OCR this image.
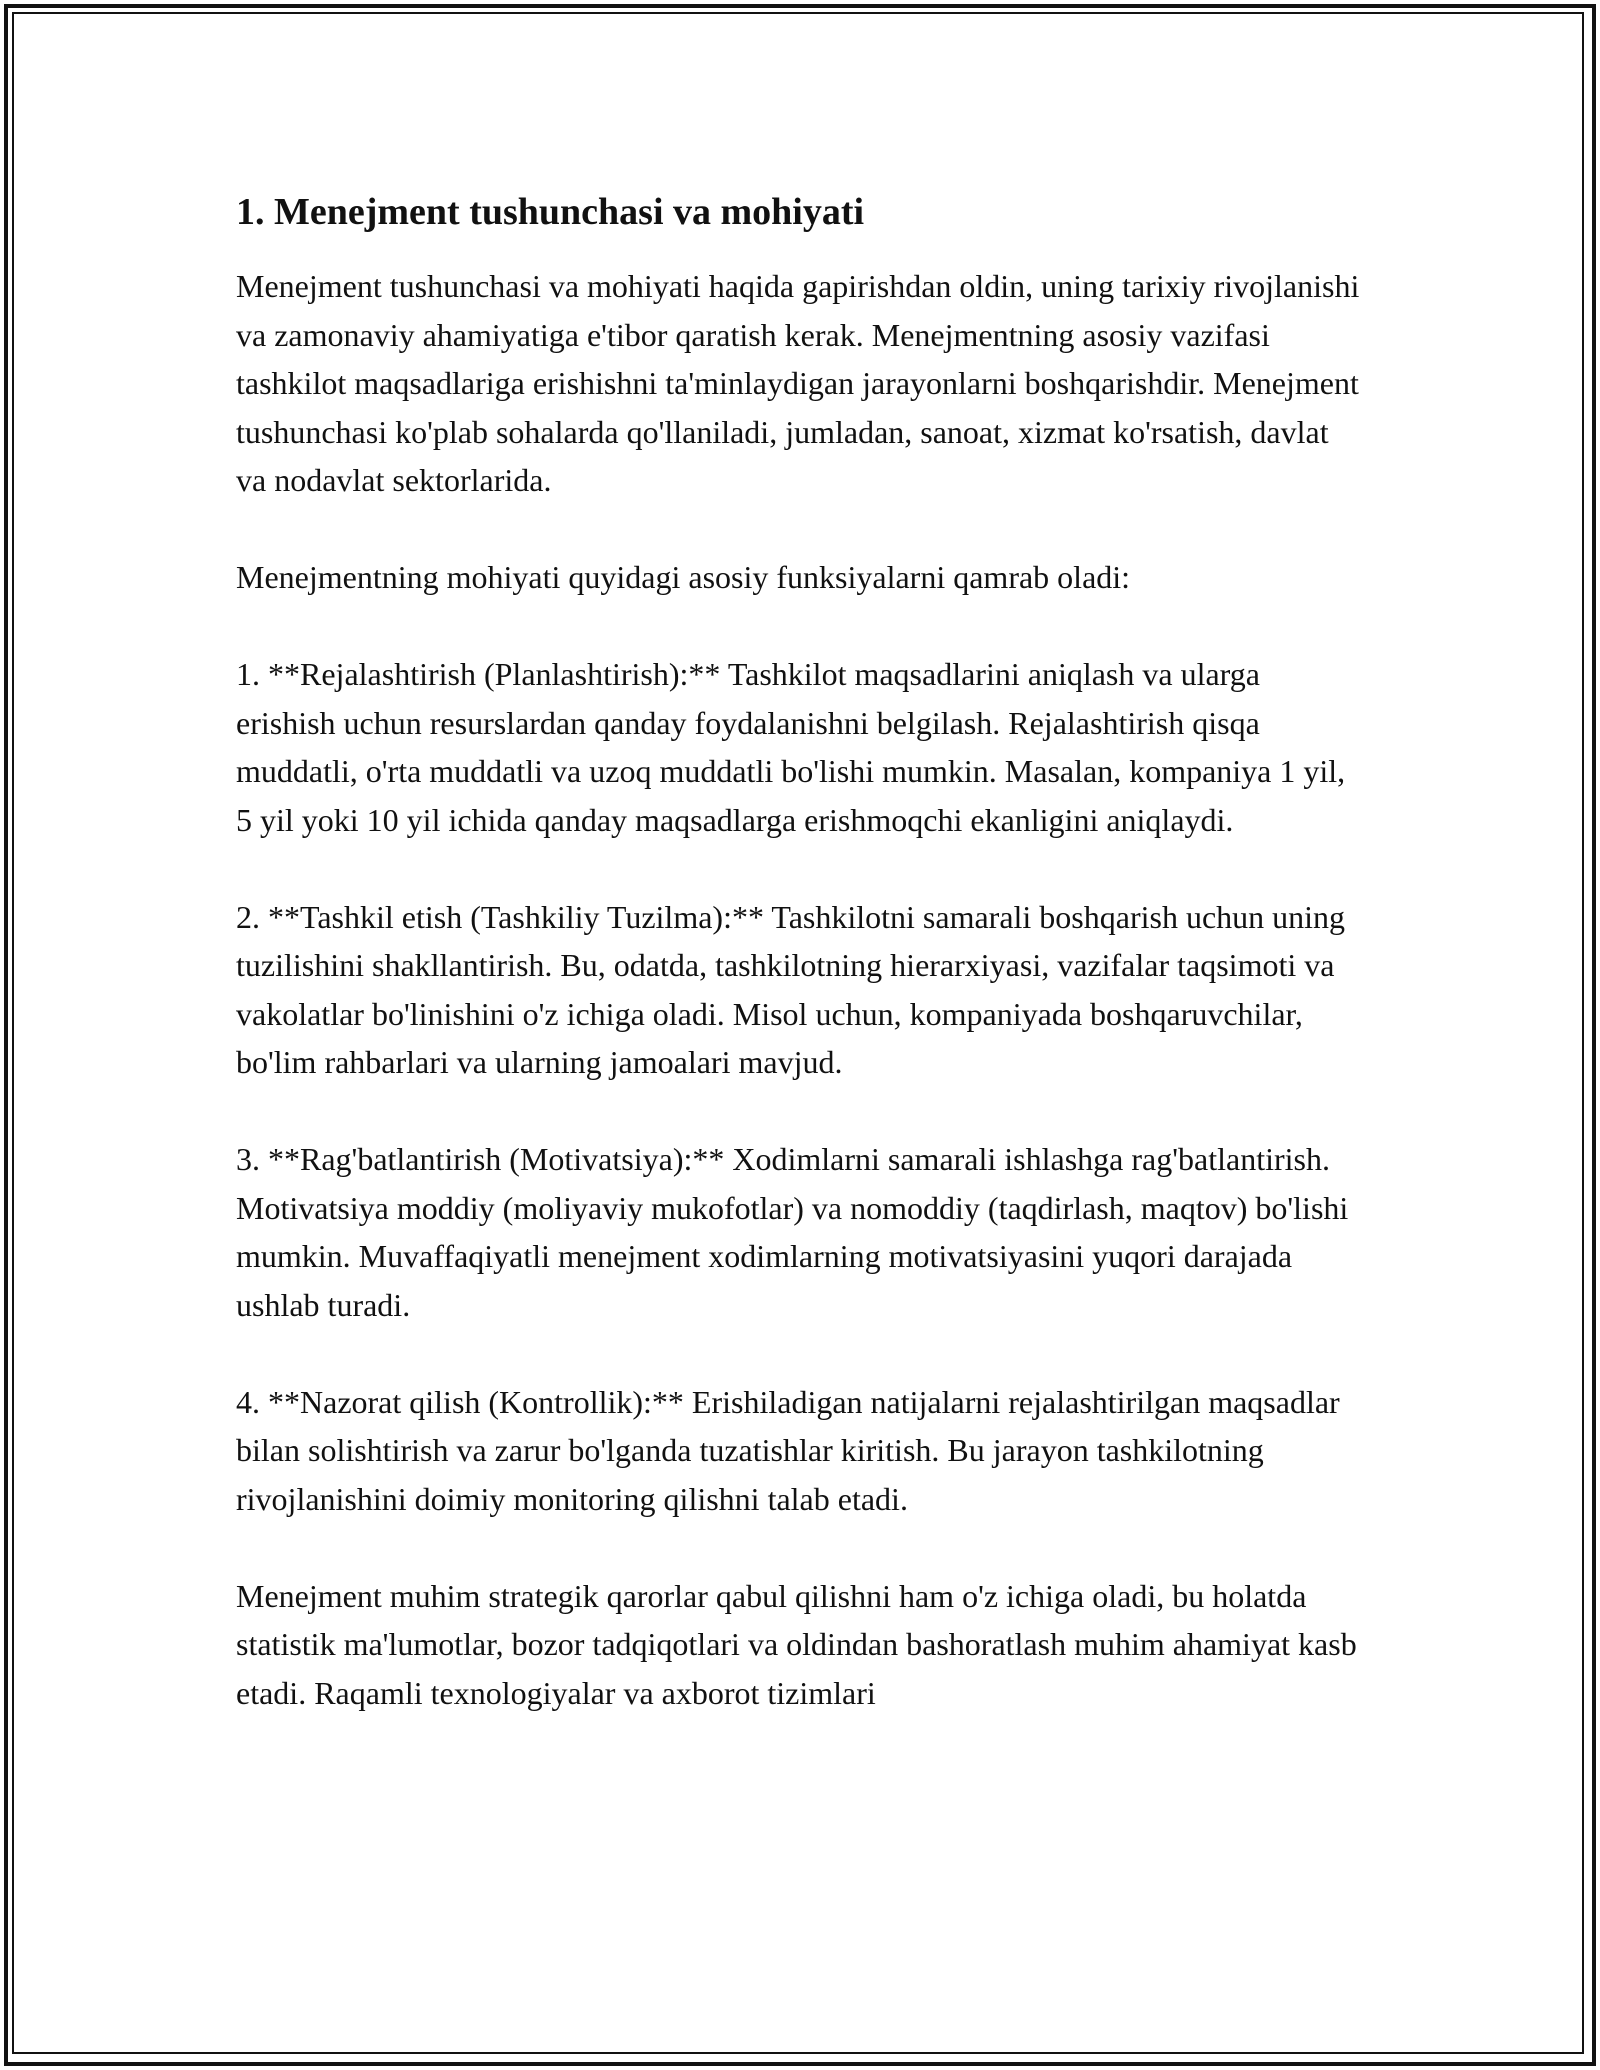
1. Menejment tushunchasi va mohiyati

Menejment tushunchasi va mohiyati haqida gapirishdan oldin, uning tarixiy rivojlanishi va zamonaviy ahamiyatiga e'tibor qaratish kerak. Menejmentning asosiy vazifasi tashkilot maqsadlariga erishishni ta'minlaydigan jarayonlarni boshqarishdir. Menejment tushunchasi ko'plab sohalarda qo'llaniladi, jumladan, sanoat, xizmat ko'rsatish, davlat va nodavlat sektorlarida.

Menejmentning mohiyati quyidagi asosiy funksiyalarni qamrab oladi:

1. **Rejalashtirish (Planlashtirish):** Tashkilot maqsadlarini aniqlash va ularga erishish uchun resurslardan qanday foydalanishni belgilash. Rejalashtirish qisqa muddatli, o'rta muddatli va uzoq muddatli bo'lishi mumkin. Masalan, kompaniya 1 yil, 5 yil yoki 10 yil ichida qanday maqsadlarga erishmoqchi ekanligini aniqlaydi.

2. **Tashkil etish (Tashkiliy Tuzilma):** Tashkilotni samarali boshqarish uchun uning tuzilishini shakllantirish. Bu, odatda, tashkilotning hierarxiyasi, vazifalar taqsimoti va vakolatlar bo'linishini o'z ichiga oladi. Misol uchun, kompaniyada boshqaruvchilar, bo'lim rahbarlari va ularning jamoalari mavjud.

3. **Rag'batlantirish (Motivatsiya):** Xodimlarni samarali ishlashga rag'batlantirish. Motivatsiya moddiy (moliyaviy mukofotlar) va nomoddiy (taqdirlash, maqtov) bo'lishi mumkin. Muvaffaqiyatli menejment xodimlarning motivatsiyasini yuqori darajada ushlab turadi.

4. **Nazorat qilish (Kontrollik):** Erishiladigan natijalarni rejalashtirilgan maqsadlar bilan solishtirish va zarur bo'lganda tuzatishlar kiritish. Bu jarayon tashkilotning rivojlanishini doimiy monitoring qilishni talab etadi.

Menejment muhim strategik qarorlar qabul qilishni ham o'z ichiga oladi, bu holatda statistik ma'lumotlar, bozor tadqiqotlari va oldindan bashoratlash muhim ahamiyat kasb etadi. Raqamli texnologiyalar va axborot tizimlari
